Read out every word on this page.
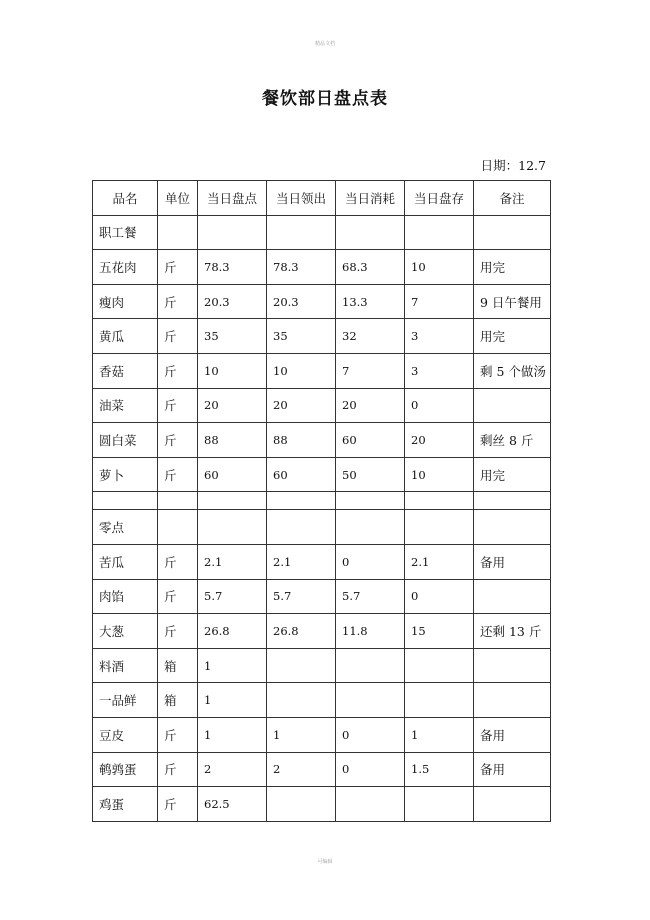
精品文档
餐饮部日盘点表
日期：12.7
品名	单位	当日盘点	当日领出	当日消耗	当日盘存	备注
职工餐						
五花肉	斤	78.3	78.3	68.3	10	用完
瘦肉	斤	20.3	20.3	13.3	7	9 日午餐用
黄瓜	斤	35	35	32	3	用完
香菇	斤	10	10	7	3	剩 5 个做汤
油菜	斤	20	20	20	0	
圆白菜	斤	88	88	60	20	剩丝 8 斤
萝卜	斤	60	60	50	10	用完

零点						
苦瓜	斤	2.1	2.1	0	2.1	备用
肉馅	斤	5.7	5.7	5.7	0	
大葱	斤	26.8	26.8	11.8	15	还剩 13 斤
料酒	箱	1				
一品鲜	箱	1				
豆皮	斤	1	1	0	1	备用
鹌鹑蛋	斤	2	2	0	1.5	备用
鸡蛋	斤	62.5				
可编辑
